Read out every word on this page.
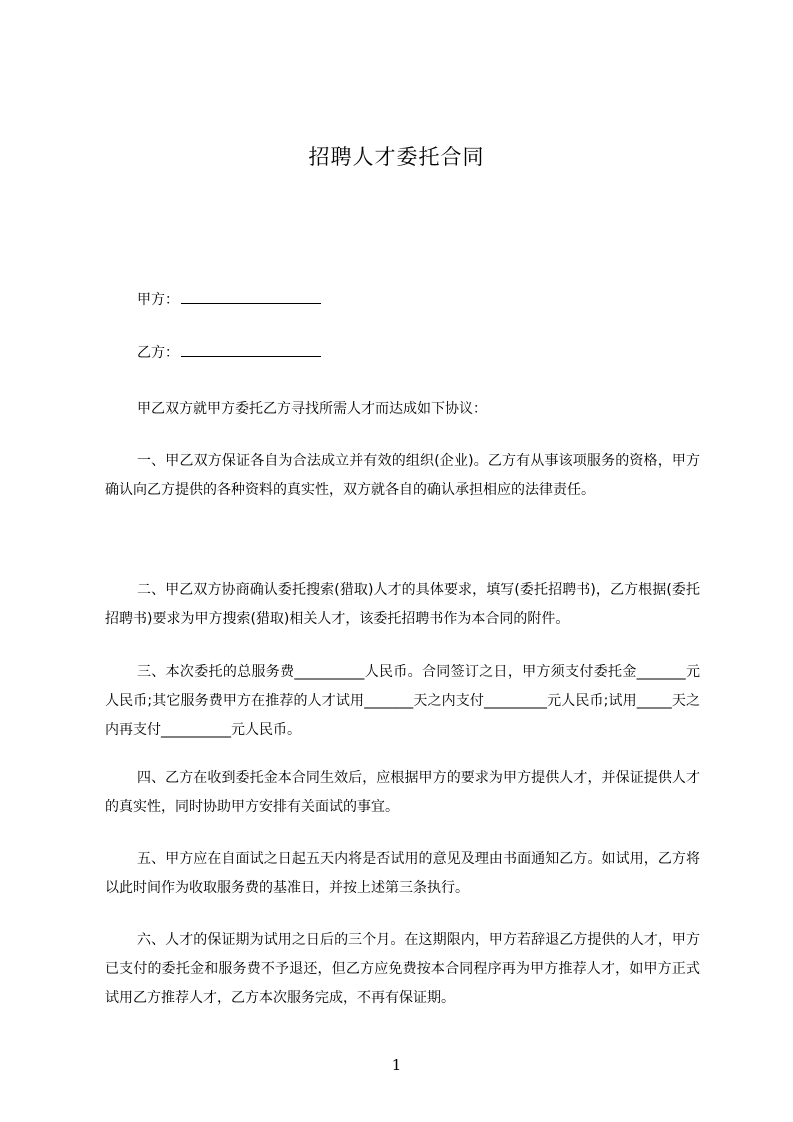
招聘人才委托合同
甲方：
乙方：
甲乙双方就甲方委托乙方寻找所需人才而达成如下协议：

一、甲乙双方保证各自为合法成立并有效的组织(企业)。乙方有从事该项服务的资格，甲方确认向乙方提供的各种资料的真实性，双方就各自的确认承担相应的法律责任。

二、甲乙双方协商确认委托搜索(猎取)人才的具体要求，填写(委托招聘书)，乙方根据(委托招聘书)要求为甲方搜索(猎取)相关人才，该委托招聘书作为本合同的附件。

三、本次委托的总服务费__________人民币。合同签订之日，甲方须支付委托金_______元人民币;其它服务费甲方在推荐的人才试用_______天之内支付_________元人民币;试用_____天之内再支付__________元人民币。

四、乙方在收到委托金本合同生效后，应根据甲方的要求为甲方提供人才，并保证提供人才的真实性，同时协助甲方安排有关面试的事宜。

五、甲方应在自面试之日起五天内将是否试用的意见及理由书面通知乙方。如试用，乙方将以此时间作为收取服务费的基准日，并按上述第三条执行。

六、人才的保证期为试用之日后的三个月。在这期限内，甲方若辞退乙方提供的人才，甲方已支付的委托金和服务费不予退还，但乙方应免费按本合同程序再为甲方推荐人才，如甲方正式试用乙方推荐人才，乙方本次服务完成，不再有保证期。

1
